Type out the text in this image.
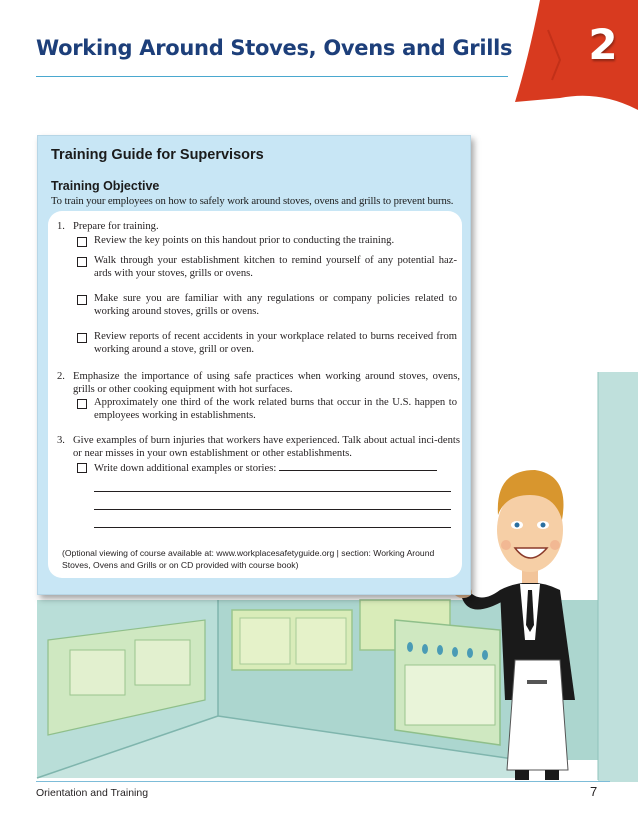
2
Working Around Stoves, Ovens and Grills
Training Guide for Supervisors
Training Objective
To train your employees on how to safely work around stoves, ovens and grills to prevent burns.
1. Prepare for training.
Review the key points on this handout prior to conducting the training.
Walk through your establishment kitchen to remind yourself of any potential haz-ards with your stoves, grills or ovens.
Make sure you are familiar with any regulations or company policies related to working around stoves, grills or ovens.
Review reports of recent accidents in your workplace related to burns received from working around a stove, grill or oven.
2. Emphasize the importance of using safe practices when working around stoves, ovens, grills or other cooking equipment with hot surfaces.
Approximately one third of the work related burns that occur in the U.S. happen to employees working in establishments.
3. Give examples of burn injuries that workers have experienced. Talk about actual inci-dents or near misses in your own establishment or other establishments.
Write down additional examples or stories:
(Optional viewing of course available at: www.workplacesafetyguide.org | section: Working Around Stoves, Ovens and Grills or on CD provided with course book)
Orientation and Training	7
